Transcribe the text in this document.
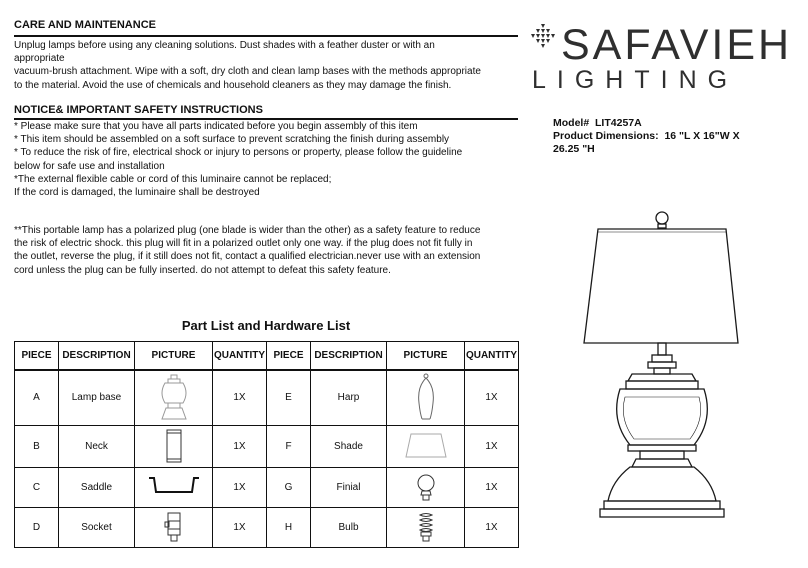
CARE AND MAINTENANCE
Unplug lamps before using any cleaning solutions. Dust shades with a feather duster or with an
appropriate
vacuum-brush attachment. Wipe with a soft, dry cloth and clean lamp bases with the methods appropriate
to the material. Avoid the use of chemicals and household cleaners as they may damage the finish.
NOTICE& IMPORTANT SAFETY INSTRUCTIONS
* Please make sure that you have all parts indicated before you begin assembly of this item
* This item should be assembled on a soft surface to prevent scratching the finish during assembly
* To reduce the risk of fire, electrical shock or injury to persons or property, please follow the guideline
below for safe use and installation
*The external flexible cable or cord of this luminaire cannot be replaced;
If the cord is damaged, the luminaire shall be destroyed
**This portable lamp has a polarized plug (one blade is wider than the other) as a safety feature to reduce
the risk of electric shock. this plug will fit in a polarized outlet only one way. if the plug does not fit fully in
the outlet, reverse the plug, if it still does not fit, contact a qualified electrician.never use with an extension
cord unless the plug can be fully inserted. do not attempt to defeat this safety feature.
SAFAVIEH
LIGHTING
Model# LIT4257A
Product Dimensions: 16 "L X 16"W X
26.25 "H
Part List and Hardware List
PIECE	DESCRIPTION	PICTURE	QUANTITY	PIECE	DESCRIPTION	PICTURE	QUANTITY
A	Lamp base		1X	E	Harp		1X
B	Neck		1X	F	Shade		1X
C	Saddle		1X	G	Finial		1X
D	Socket		1X	H	Bulb		1X
